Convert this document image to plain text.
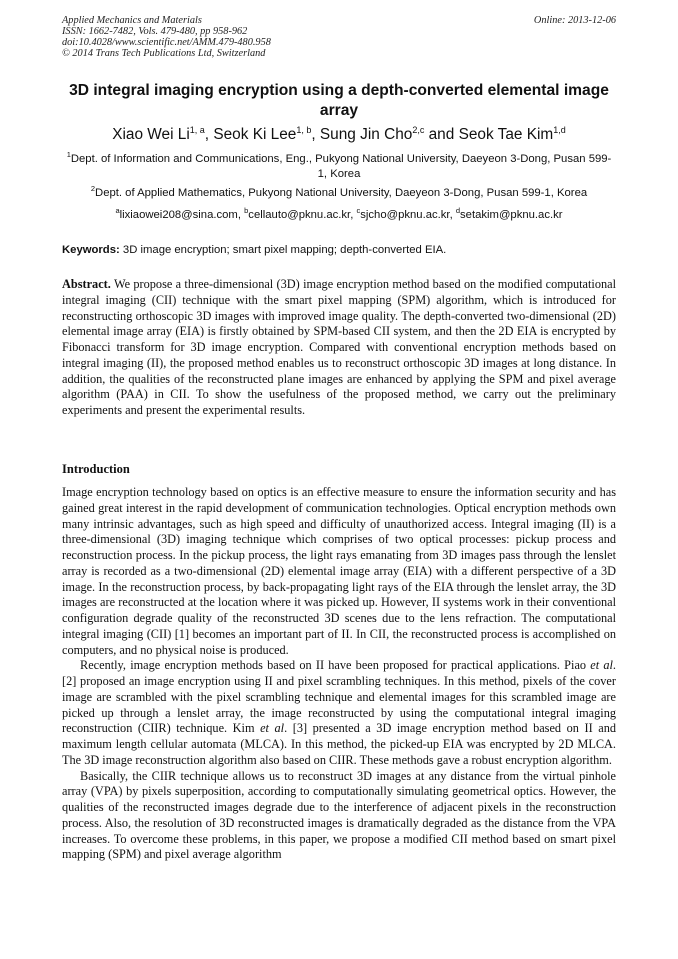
Applied Mechanics and Materials
ISSN: 1662-7482, Vols. 479-480, pp 958-962
doi:10.4028/www.scientific.net/AMM.479-480.958
© 2014 Trans Tech Publications Ltd, Switzerland
Online: 2013-12-06
3D integral imaging encryption using a depth-converted elemental image array
Xiao Wei Li$^{1, a}$, Seok Ki Lee$^{1, b}$, Sung Jin Cho$^{2,c}$ and Seok Tae Kim$^{1,d}$
$^1$Dept. of Information and Communications, Eng., Pukyong National University, Daeyeon 3-Dong, Pusan 599-1, Korea
$^2$Dept. of Applied Mathematics, Pukyong National University, Daeyeon 3-Dong, Pusan 599-1, Korea
$^a$lixiaowei208@sina.com, $^b$cellauto@pknu.ac.kr, $^c$sjcho@pknu.ac.kr, $^d$setakim@pknu.ac.kr
Keywords: 3D image encryption; smart pixel mapping; depth-converted EIA.
Abstract. We propose a three-dimensional (3D) image encryption method based on the modified computational integral imaging (CII) technique with the smart pixel mapping (SPM) algorithm, which is introduced for reconstructing orthoscopic 3D images with improved image quality. The depth-converted two-dimensional (2D) elemental image array (EIA) is firstly obtained by SPM-based CII system, and then the 2D EIA is encrypted by Fibonacci transform for 3D image encryption. Compared with conventional encryption methods based on integral imaging (II), the proposed method enables us to reconstruct orthoscopic 3D images at long distance. In addition, the qualities of the reconstructed plane images are enhanced by applying the SPM and pixel average algorithm (PAA) in CII. To show the usefulness of the proposed method, we carry out the preliminary experiments and present the experimental results.
Introduction

Image encryption technology based on optics is an effective measure to ensure the information security and has gained great interest in the rapid development of communication technologies. Optical encryption methods own many intrinsic advantages, such as high speed and difficulty of unauthorized access. Integral imaging (II) is a three-dimensional (3D) imaging technique which comprises of two optical processes: pickup process and reconstruction process. In the pickup process, the light rays emanating from 3D images pass through the lenslet array is recorded as a two-dimensional (2D) elemental image array (EIA) with a different perspective of a 3D image. In the reconstruction process, by back-propagating light rays of the EIA through the lenslet array, the 3D images are reconstructed at the location where it was picked up. However, II systems work in their conventional configuration degrade quality of the reconstructed 3D scenes due to the lens refraction. The computational integral imaging (CII) [1] becomes an important part of II. In CII, the reconstructed process is accomplished on computers, and no physical noise is produced.

Recently, image encryption methods based on II have been proposed for practical applications. Piao et al. [2] proposed an image encryption using II and pixel scrambling techniques. In this method, pixels of the cover image are scrambled with the pixel scrambling technique and elemental images for this scrambled image are picked up through a lenslet array, the image reconstructed by using the computational integral imaging reconstruction (CIIR) technique. Kim et al. [3] presented a 3D image encryption method based on II and maximum length cellular automata (MLCA). In this method, the picked-up EIA was encrypted by 2D MLCA. The 3D image reconstruction algorithm also based on CIIR. These methods gave a robust encryption algorithm.

Basically, the CIIR technique allows us to reconstruct 3D images at any distance from the virtual pinhole array (VPA) by pixels superposition, according to computationally simulating geometrical optics. However, the qualities of the reconstructed images degrade due to the interference of adjacent pixels in the reconstruction process. Also, the resolution of 3D reconstructed images is dramatically degraded as the distance from the VPA increases. To overcome these problems, in this paper, we propose a modified CII method based on smart pixel mapping (SPM) and pixel average algorithm
